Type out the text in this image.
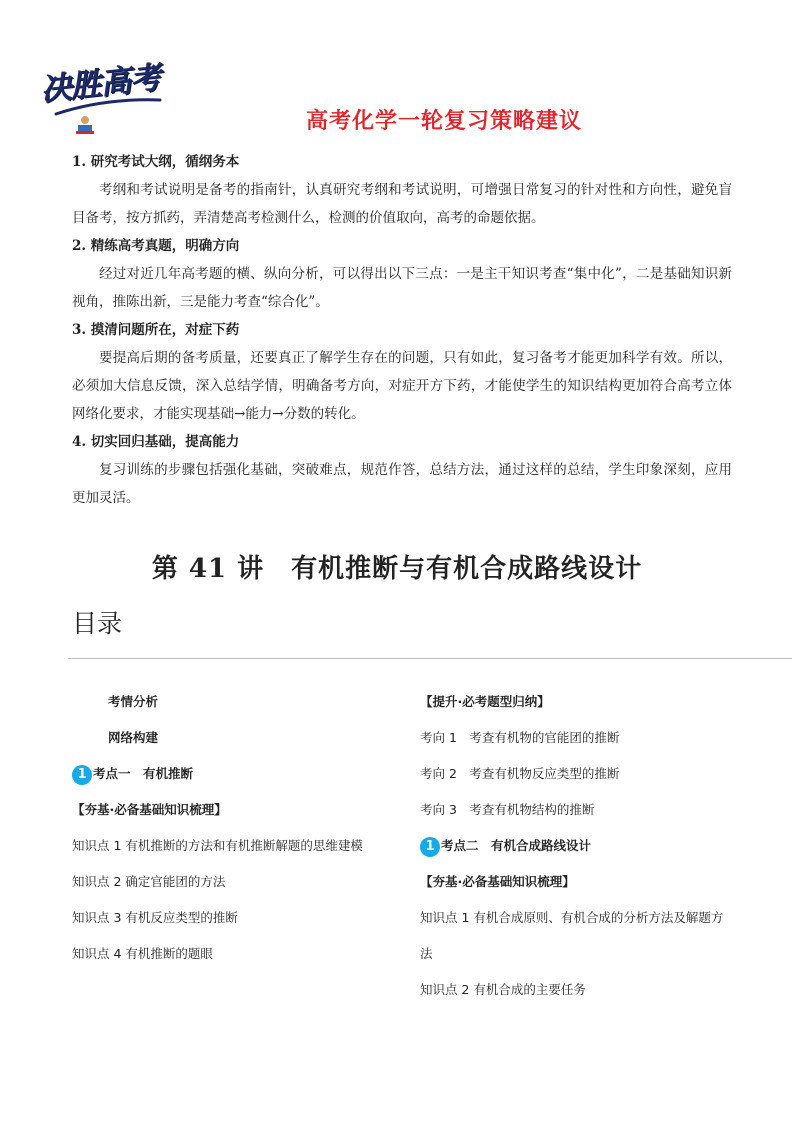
决胜高考
高考化学一轮复习策略建议
1. 研究考试大纲，循纲务本
考纲和考试说明是备考的指南针，认真研究考纲和考试说明，可增强日常复习的针对性和方向性，避免盲目备考，按方抓药，弄清楚高考检测什么，检测的价值取向，高考的命题依据。
2. 精练高考真题，明确方向
经过对近几年高考题的横、纵向分析，可以得出以下三点：一是主干知识考查“集中化”，二是基础知识新视角，推陈出新，三是能力考查“综合化”。
3. 摸清问题所在，对症下药
要提高后期的备考质量，还要真正了解学生存在的问题，只有如此，复习备考才能更加科学有效。所以，必须加大信息反馈，深入总结学情，明确备考方向，对症开方下药，才能使学生的知识结构更加符合高考立体网络化要求，才能实现基础→能力→分数的转化。
4. 切实回归基础，提高能力
复习训练的步骤包括强化基础，突破难点，规范作答，总结方法，通过这样的总结，学生印象深刻，应用更加灵活。
第 41 讲　有机推断与有机合成路线设计
目录
考情分析
网络构建
1 考点一　有机推断
【夯基·必备基础知识梳理】
知识点 1 有机推断的方法和有机推断解题的思维建模
知识点 2 确定官能团的方法
知识点 3 有机反应类型的推断
知识点 4 有机推断的题眼
【提升·必考题型归纳】
考向 1　考查有机物的官能团的推断
考向 2　考查有机物反应类型的推断
考向 3　考查有机物结构的推断
1 考点二　有机合成路线设计
【夯基·必备基础知识梳理】
知识点 1 有机合成原则、有机合成的分析方法及解题方法
知识点 2 有机合成的主要任务
